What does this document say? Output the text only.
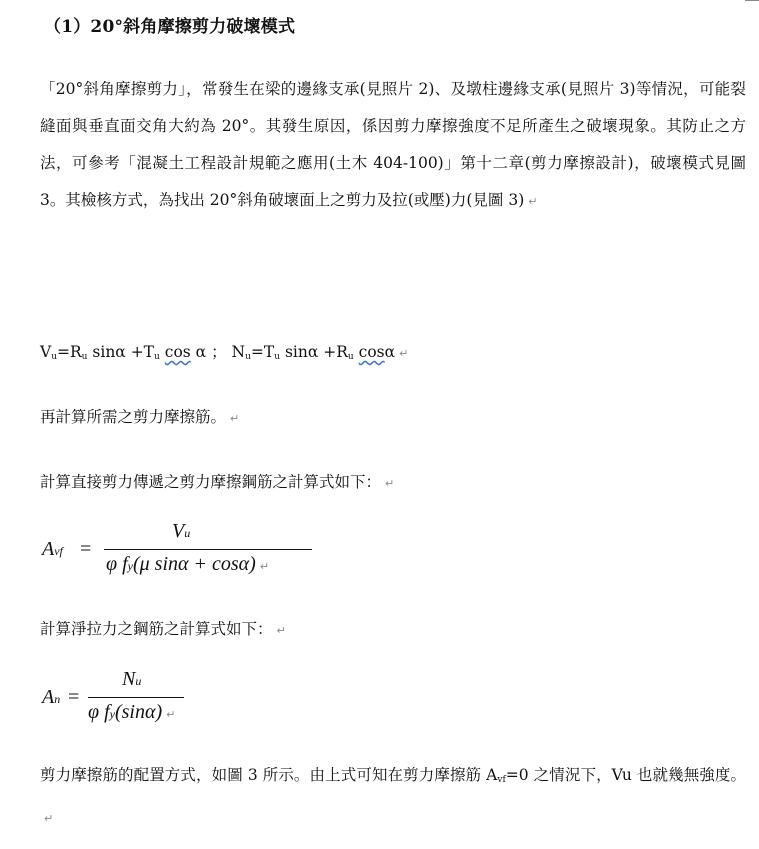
（1）20°斜角摩擦剪力破壞模式

「20°斜角摩擦剪力」，常發生在梁的邊緣支承(見照片 2)、及墩柱邊緣支承(見照片 3)等情況，可能裂縫面與垂直面交角大約為 20°。其發生原因，係因剪力摩擦強度不足所產生之破壞現象。其防止之方法，可參考「混凝土工程設計規範之應用(土木 404-100)」第十二章(剪力摩擦設計)，破壞模式見圖 3。其檢核方式，為找出 20°斜角破壞面上之剪力及拉(或壓)力(見圖 3) ↵

$V_u=R_u$ $\sin\alpha +T_u$ cos α ； $N_u=T_u$ $\sin\alpha +R_u$ cosα ↵
再計算所需之剪力摩擦筋。 ↵
計算直接剪力傳遞之剪力摩擦鋼筋之計算式如下： ↵
Avf =
Vu
φ fy(μ sinα + cosα) ↵
計算淨拉力之鋼筋之計算式如下： ↵
An =
Nu
φ fy(sinα) ↵

剪力摩擦筋的配置方式，如圖 3 所示。由上式可知在剪力摩擦筋 $A_{vf}=0$ 之情況下，Vu 也就幾無強度。↵
